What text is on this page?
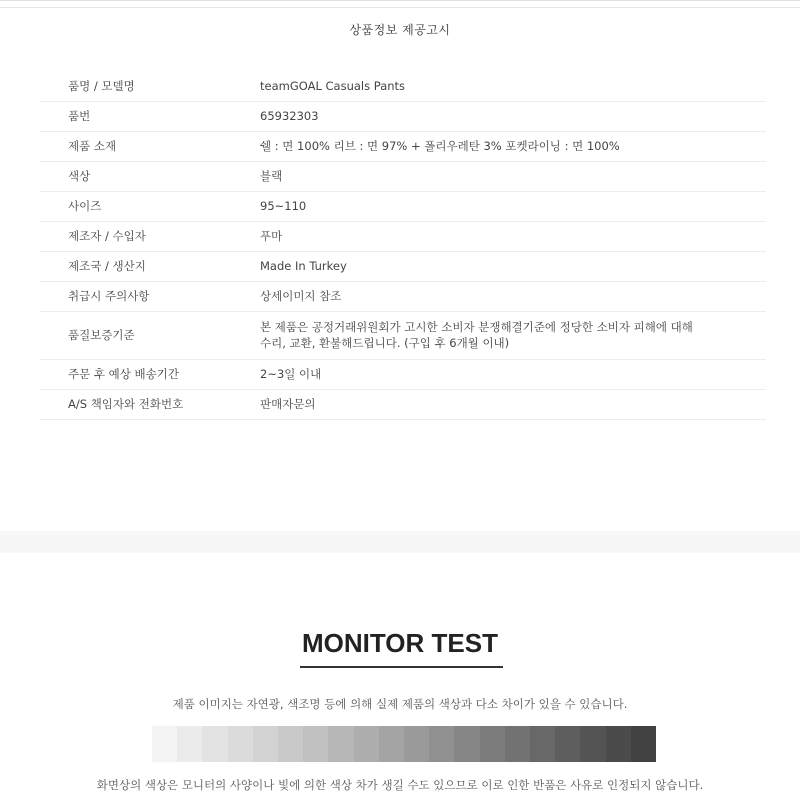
상품정보 제공고시
품명 / 모델명	teamGOAL Casuals Pants

품번	65932303

제품 소재	쉘 : 면 100% 리브 : 면 97% + 폴리우레탄 3% 포켓라이닝 : 면 100%

색상	블랙

사이즈	95~110

제조자 / 수입자	푸마

제조국 / 생산지	Made In Turkey

취급시 주의사항	상세이미지 참조

품질보증기준	본 제품은 공정거래위원회가 고시한 소비자 분쟁해결기준에 정당한 소비자 피해에 대해
수리, 교환, 환불해드립니다. (구입 후 6개월 이내)

주문 후 예상 배송기간	2~3일 이내

A/S 책임자와 전화번호	판매자문의
MONITOR TEST
제품 이미지는 자연광, 색조명 등에 의해 실제 제품의 색상과 다소 차이가 있을 수 있습니다.
화면상의 색상은 모니터의 사양이나 빛에 의한 색상 차가 생길 수도 있으므로 이로 인한 반품은 사유로 인정되지 않습니다.
